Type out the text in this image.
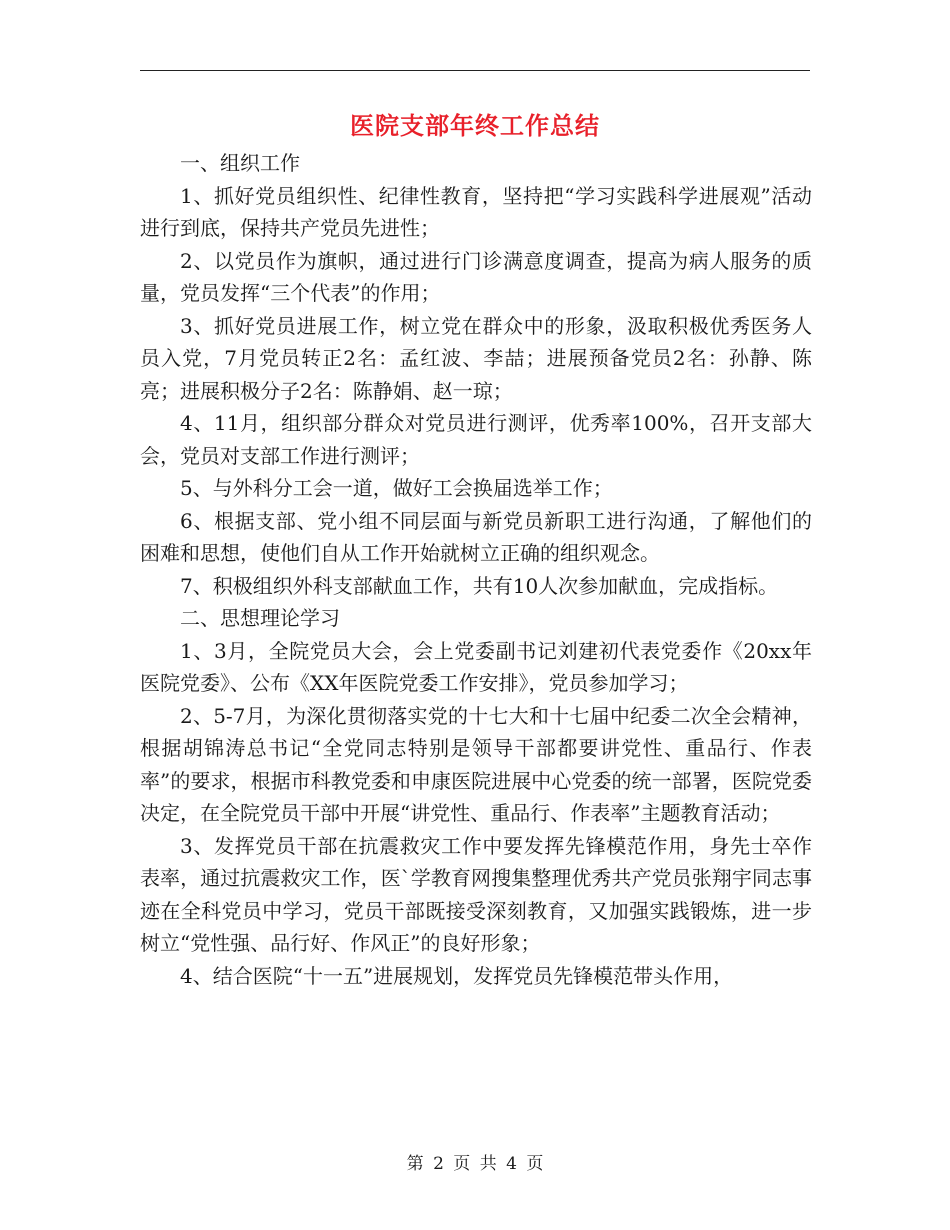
医院支部年终工作总结

一、组织工作

1、抓好党员组织性、纪律性教育，坚持把“学习实践科学进展观”活动进行到底，保持共产党员先进性；

2、以党员作为旗帜，通过进行门诊满意度调查，提高为病人服务的质量，党员发挥“三个代表”的作用；

3、抓好党员进展工作，树立党在群众中的形象，汲取积极优秀医务人员入党，7月党员转正2名：孟红波、李喆；进展预备党员2名：孙静、陈亮；进展积极分子2名：陈静娟、赵一琼；

4、11月，组织部分群众对党员进行测评，优秀率100%，召开支部大会，党员对支部工作进行测评；

5、与外科分工会一道，做好工会换届选举工作；

6、根据支部、党小组不同层面与新党员新职工进行沟通，了解他们的困难和思想，使他们自从工作开始就树立正确的组织观念。

7、积极组织外科支部献血工作，共有10人次参加献血，完成指标。

二、思想理论学习

1、3月，全院党员大会，会上党委副书记刘建初代表党委作《20xx年医院党委》、公布《XX年医院党委工作安排》，党员参加学习；

2、5-7月，为深化贯彻落实党的十七大和十七届中纪委二次全会精神，根据胡锦涛总书记“全党同志特别是领导干部都要讲党性、重品行、作表率”的要求，根据市科教党委和申康医院进展中心党委的统一部署，医院党委决定，在全院党员干部中开展“讲党性、重品行、作表率”主题教育活动；

3、发挥党员干部在抗震救灾工作中要发挥先锋模范作用，身先士卒作表率，通过抗震救灾工作，医`学教育网搜集整理优秀共产党员张翔宇同志事迹在全科党员中学习，党员干部既接受深刻教育，又加强实践锻炼，进一步树立“党性强、品行好、作风正”的良好形象；

4、结合医院“十一五”进展规划，发挥党员先锋模范带头作用，

第 2 页 共 4 页
